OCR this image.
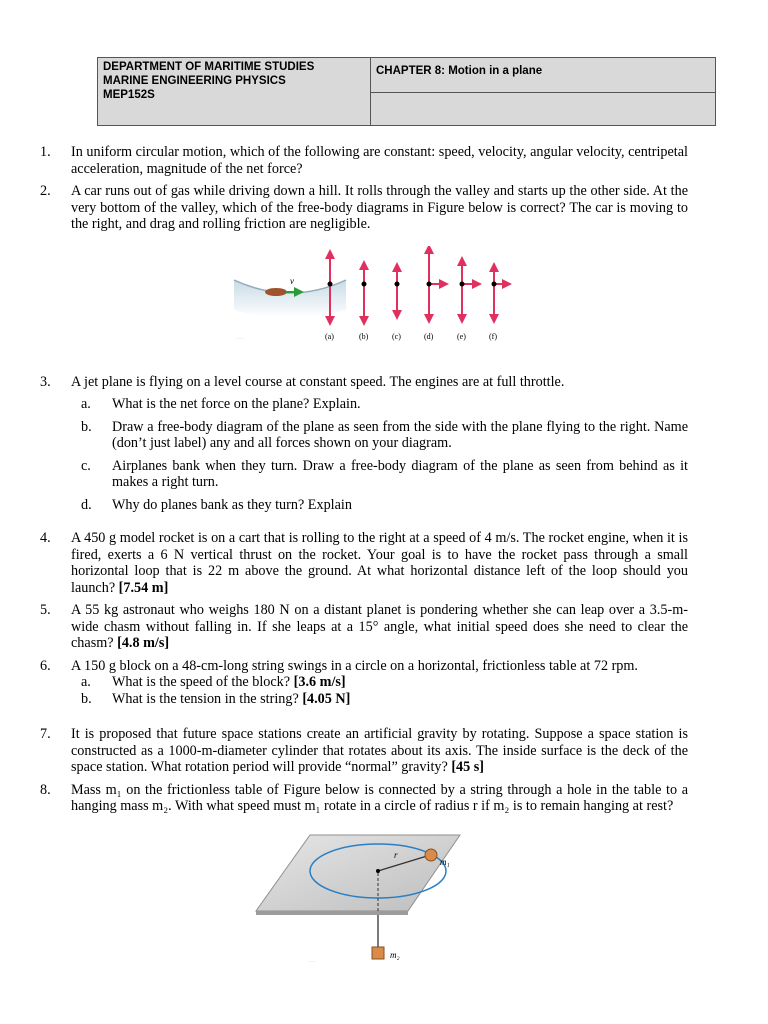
DEPARTMENT OF MARITIME STUDIES
MARINE ENGINEERING PHYSICS
MEP152S
	CHAPTER 8: Motion in a plane

1.	In uniform circular motion, which of the following are constant: speed, velocity, angular velocity, centripetal acceleration, magnitude of the net force?
2.	A car runs out of gas while driving down a hill. It rolls through the valley and starts up the other side. At the very bottom of the valley, which of the free-body diagrams in Figure below is correct? The car is moving to the right, and drag and rolling friction are negligible.
v
······	(a)	(b)	(c)	(d)	(e)	(f)
3.	A jet plane is flying on a level course at constant speed. The engines are at full throttle.
a.	What is the net force on the plane? Explain.
b.	Draw a free-body diagram of the plane as seen from the side with the plane flying to the right. Name (don’t just label) any and all forces shown on your diagram.
c.	Airplanes bank when they turn. Draw a free-body diagram of the plane as seen from behind as it makes a right turn.
d.	Why do planes bank as they turn? Explain
4.	A 450 g model rocket is on a cart that is rolling to the right at a speed of 4 m/s. The rocket engine, when it is fired, exerts a 6 N vertical thrust on the rocket. Your goal is to have the rocket pass through a small horizontal loop that is 22 m above the ground. At what horizontal distance left of the loop should you launch? [7.54 m]
5.	A 55 kg astronaut who weighs 180 N on a distant planet is pondering whether she can leap over a 3.5-m-wide chasm without falling in. If she leaps at a 15° angle, what initial speed does she need to clear the chasm? [4.8 m/s]
6.	A 150 g block on a 48-cm-long string swings in a circle on a horizontal, frictionless table at 72 rpm.
a.	What is the speed of the block? [3.6 m/s]
b.	What is the tension in the string? [4.05 N]
7.	It is proposed that future space stations create an artificial gravity by rotating. Suppose a space station is constructed as a 1000-m-diameter cylinder that rotates about its axis. The inside surface is the deck of the space station. What rotation period will provide “normal” gravity? [45 s]
8.	Mass m₁ on the frictionless table of Figure below is connected by a string through a hole in the table to a hanging mass m₂. With what speed must m₁ rotate in a circle of radius r if m₂ is to remain hanging at rest?
r
m₁
m₂
······
